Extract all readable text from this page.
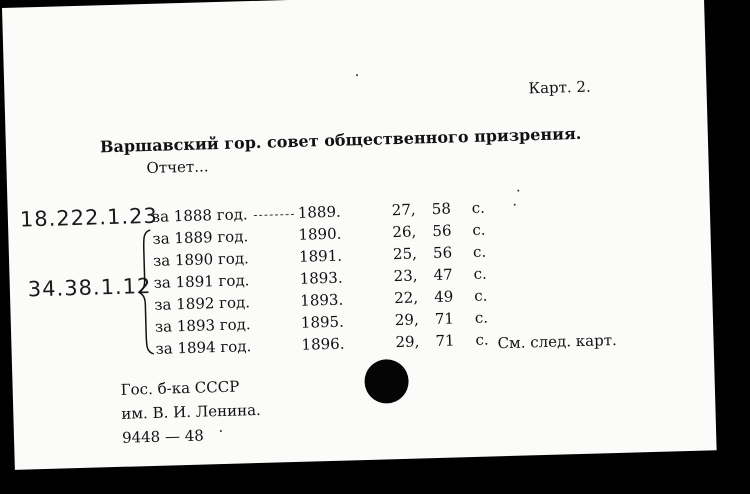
Карт. 2.
Варшавский гор. совет общественного призрения.
Отчет...
18.222.1.23
34.38.1.12
за 1888 год.	1889.	27, 58 с.
за 1889 год.	1890.	26, 56 с.
за 1890 год.	1891.	25, 56 с.
за 1891 год.	1893.	23, 47 с.
за 1892 год.	1893.	22, 49 с.
за 1893 год.	1895.	29, 71 с.
за 1894 год.	1896.	29, 71 с. См. след. карт.
Гос. б-ка СССР
им. В. И. Ленина.
9448 — 48
